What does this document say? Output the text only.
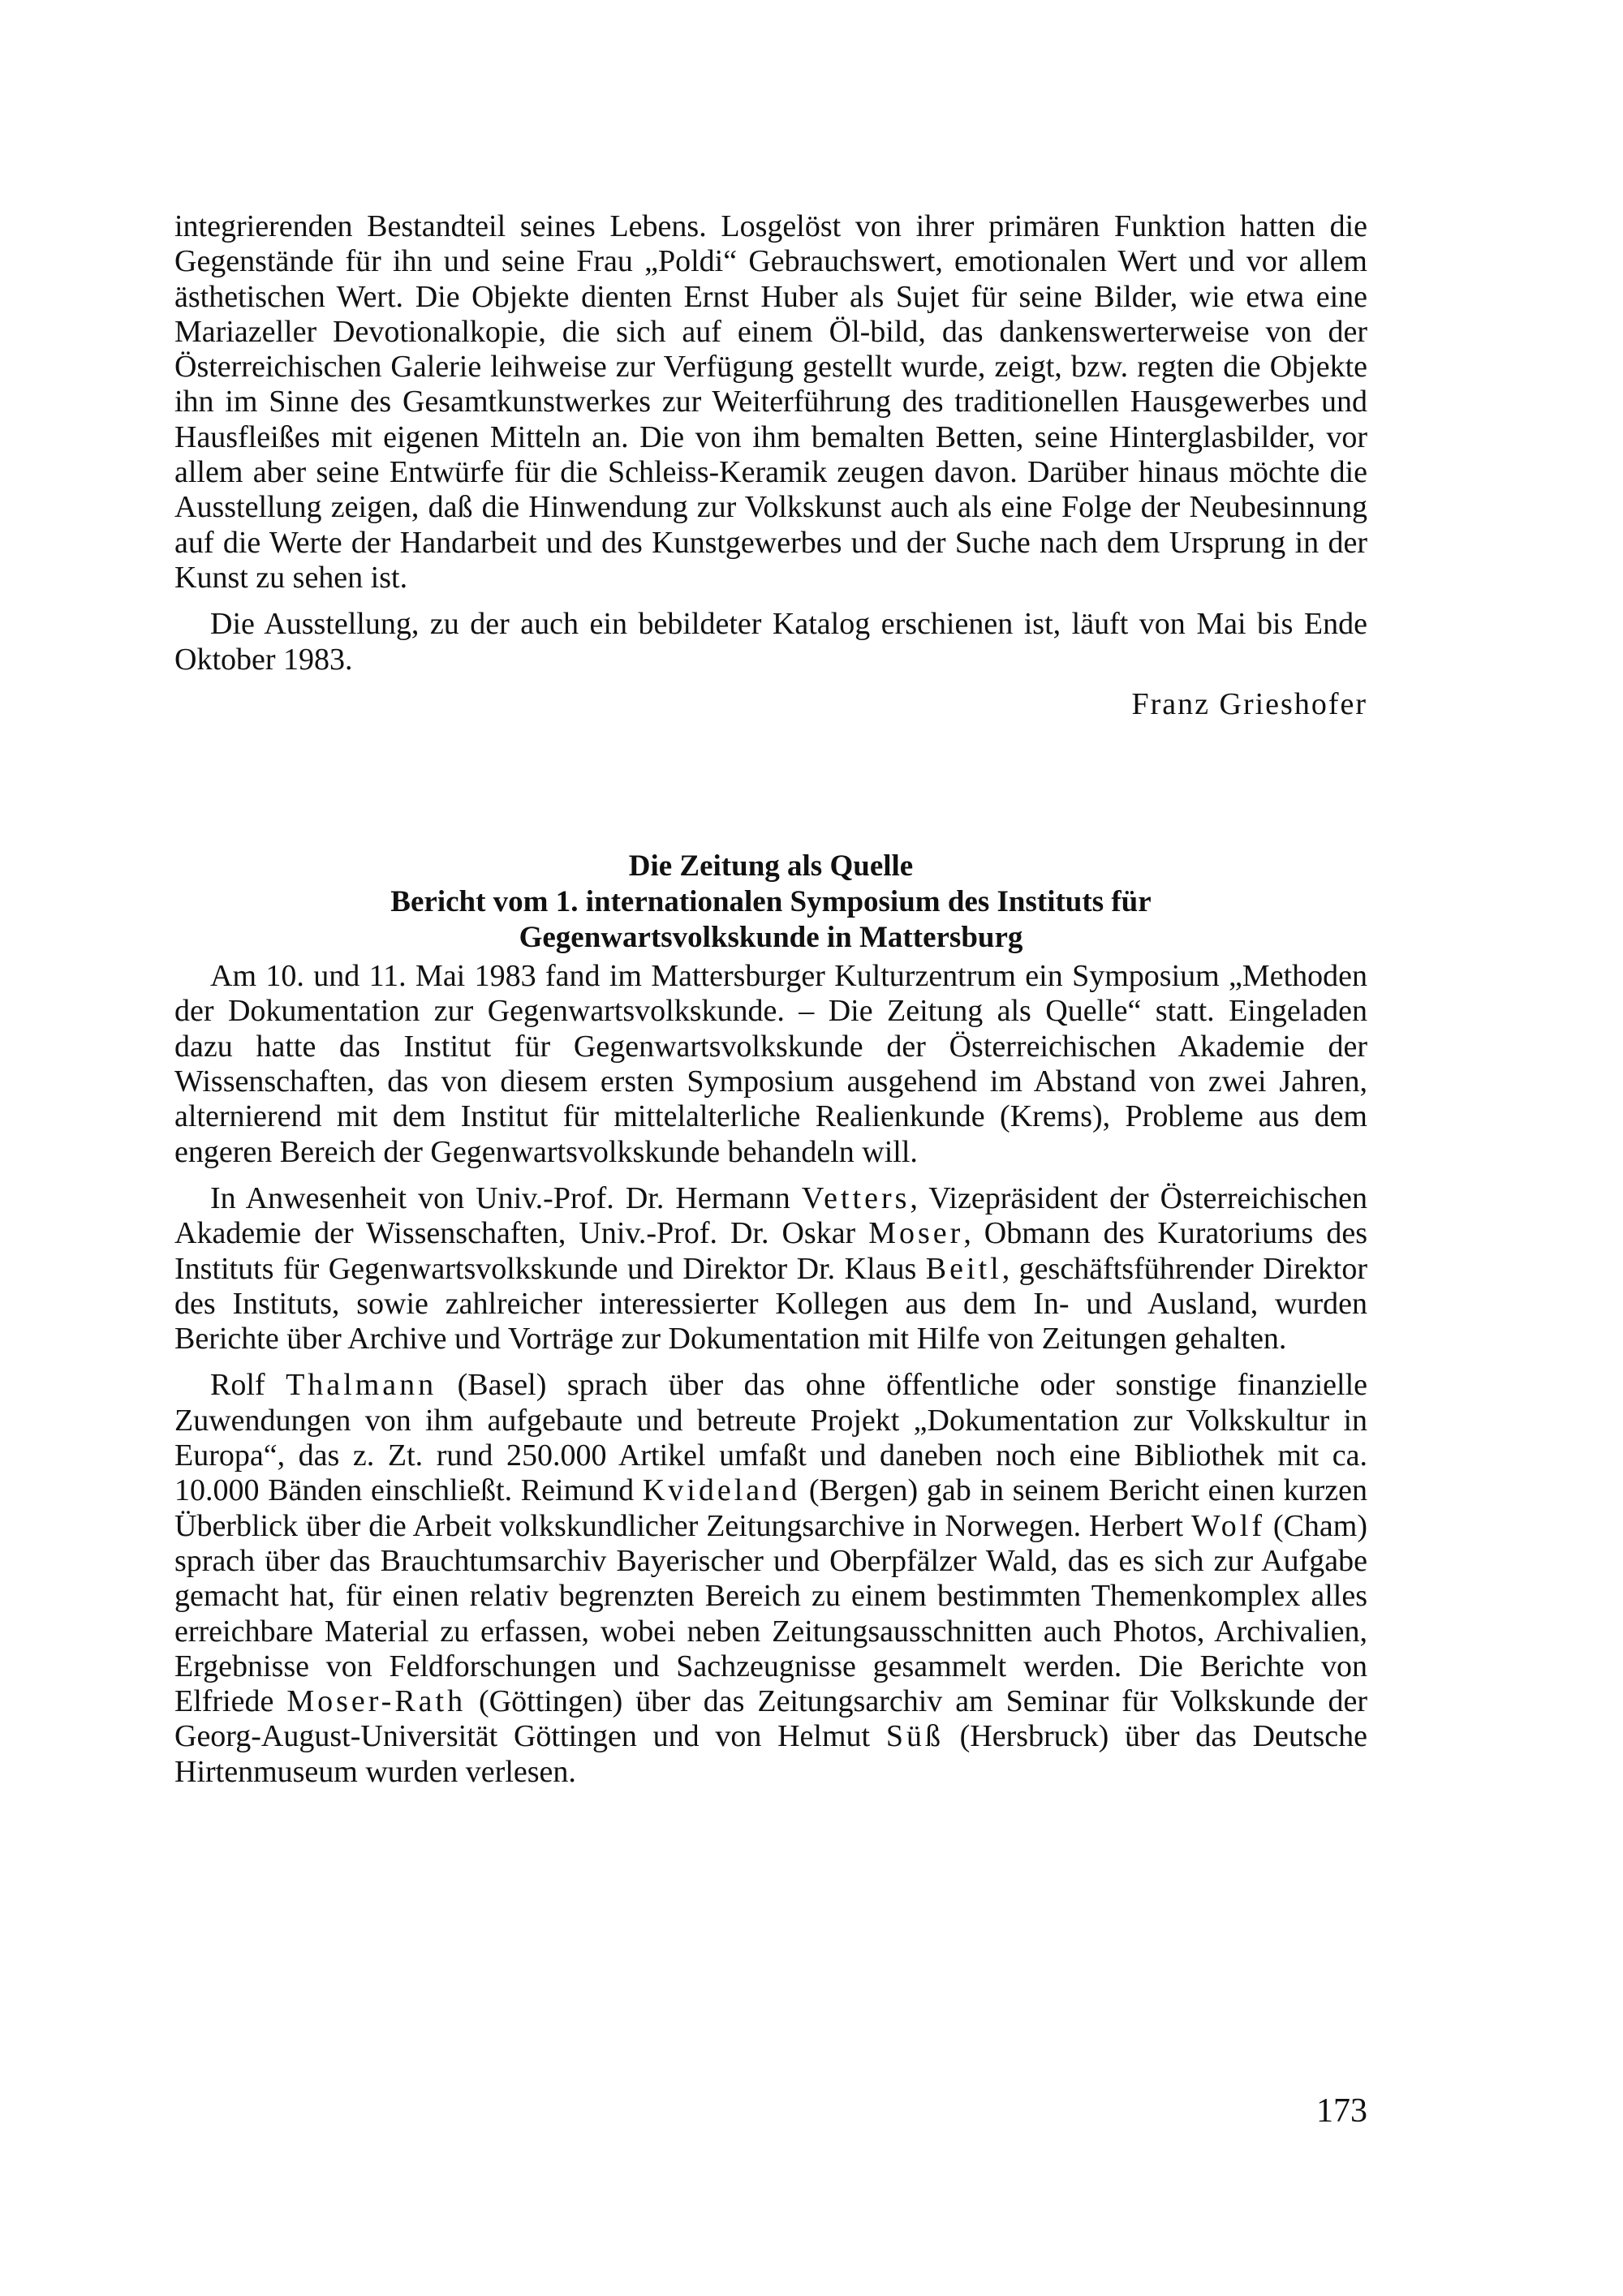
integrierenden Bestandteil seines Lebens. Losgelöst von ihrer primären Funktion hatten die Gegenstände für ihn und seine Frau „Poldi“ Gebrauchswert, emotionalen Wert und vor allem ästhetischen Wert. Die Objekte dienten Ernst Huber als Sujet für seine Bilder, wie etwa eine Mariazeller Devotionalkopie, die sich auf einem Öl-bild, das dankenswerterweise von der Österreichischen Galerie leihweise zur Verfügung gestellt wurde, zeigt, bzw. regten die Objekte ihn im Sinne des Gesamtkunstwerkes zur Weiterführung des traditionellen Hausgewerbes und Hausfleißes mit eigenen Mitteln an. Die von ihm bemalten Betten, seine Hinterglasbilder, vor allem aber seine Entwürfe für die Schleiss-Keramik zeugen davon. Darüber hinaus möchte die Ausstellung zeigen, daß die Hinwendung zur Volkskunst auch als eine Folge der Neubesinnung auf die Werte der Handarbeit und des Kunstgewerbes und der Suche nach dem Ursprung in der Kunst zu sehen ist.

Die Ausstellung, zu der auch ein bebildeter Katalog erschienen ist, läuft von Mai bis Ende Oktober 1983.

Franz Grieshofer
Die Zeitung als Quelle
Bericht vom 1. internationalen Symposium des Instituts für
Gegenwartsvolkskunde in Mattersburg

Am 10. und 11. Mai 1983 fand im Mattersburger Kulturzentrum ein Symposium „Methoden der Dokumentation zur Gegenwartsvolkskunde. – Die Zeitung als Quelle“ statt. Eingeladen dazu hatte das Institut für Gegenwartsvolkskunde der Österreichischen Akademie der Wissenschaften, das von diesem ersten Symposium ausgehend im Abstand von zwei Jahren, alternierend mit dem Institut für mittelalterliche Realienkunde (Krems), Probleme aus dem engeren Bereich der Gegenwartsvolkskunde behandeln will.

In Anwesenheit von Univ.-Prof. Dr. Hermann Vetters, Vizepräsident der Österreichischen Akademie der Wissenschaften, Univ.-Prof. Dr. Oskar Moser, Obmann des Kuratoriums des Instituts für Gegenwartsvolkskunde und Direktor Dr. Klaus Beitl, geschäftsführender Direktor des Instituts, sowie zahlreicher interessierter Kollegen aus dem In- und Ausland, wurden Berichte über Archive und Vorträge zur Dokumentation mit Hilfe von Zeitungen gehalten.

Rolf Thalmann (Basel) sprach über das ohne öffentliche oder sonstige finanzielle Zuwendungen von ihm aufgebaute und betreute Projekt „Dokumentation zur Volkskultur in Europa“, das z. Zt. rund 250.000 Artikel umfaßt und daneben noch eine Bibliothek mit ca. 10.000 Bänden einschließt. Reimund Kvideland (Bergen) gab in seinem Bericht einen kurzen Überblick über die Arbeit volkskundlicher Zeitungsarchive in Norwegen. Herbert Wolf (Cham) sprach über das Brauchtumsarchiv Bayerischer und Oberpfälzer Wald, das es sich zur Aufgabe gemacht hat, für einen relativ begrenzten Bereich zu einem bestimmten Themenkomplex alles erreichbare Material zu erfassen, wobei neben Zeitungsausschnitten auch Photos, Archivalien, Ergebnisse von Feldforschungen und Sachzeugnisse gesammelt werden. Die Berichte von Elfriede Moser-Rath (Göttingen) über das Zeitungsarchiv am Seminar für Volkskunde der Georg-August-Universität Göttingen und von Helmut Süß (Hersbruck) über das Deutsche Hirtenmuseum wurden verlesen.

173
